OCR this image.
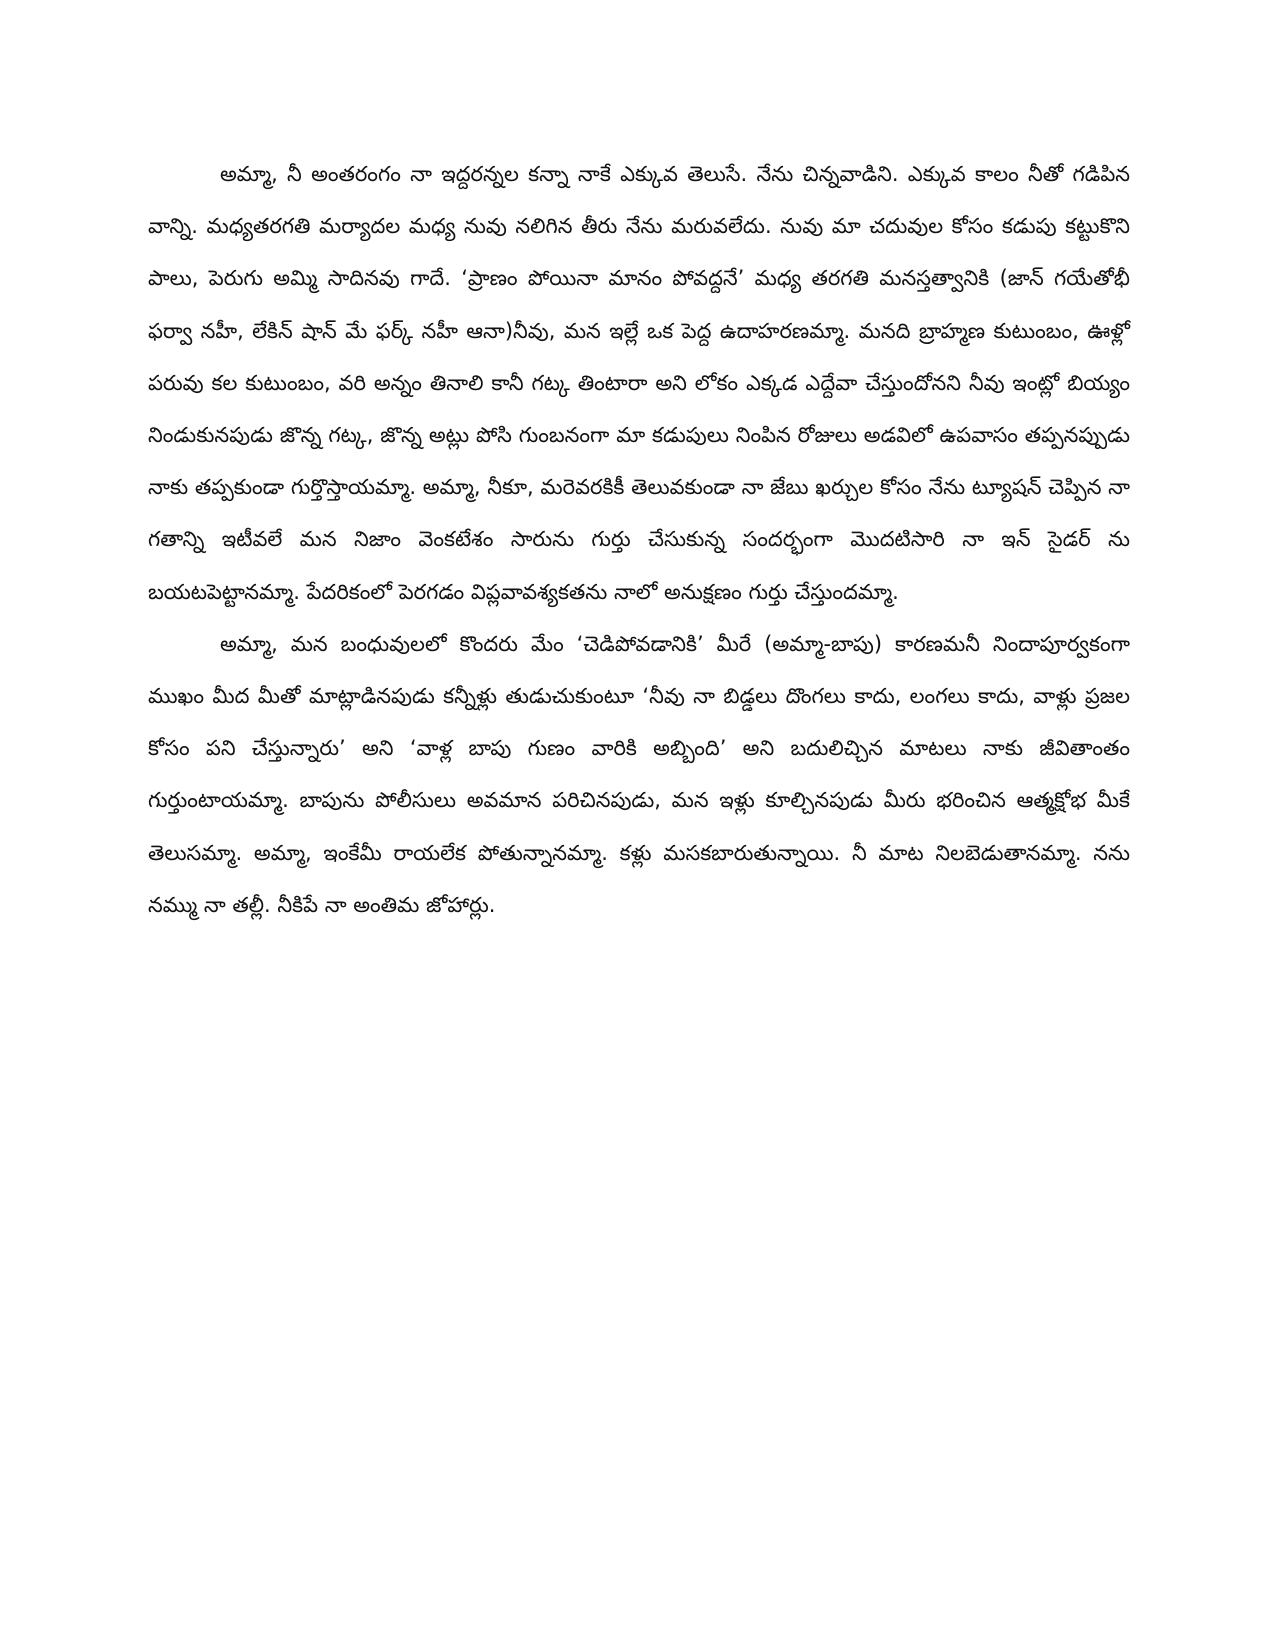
అమ్మా, నీ అంతరంగం నా ఇద్దరన్నల కన్నా నాకే ఎక్కువ తెలుసే. నేను చిన్నవాడిని. ఎక్కువ కాలం నీతో గడిపిన వాన్ని. మధ్యతరగతి మర్యాదల మధ్య నువు నలిగిన తీరు నేను మరువలేదు. నువు మా చదువుల కోసం కడుపు కట్టుకొని పాలు, పెరుగు అమ్మి సాదినవు గాదే. ‘ప్రాణం పోయినా మానం పోవద్దనే’ మధ్య తరగతి మనస్తత్వానికి (జాన్ గయేతోభీ ఫర్వా నహీ, లేకిన్ షాన్ మే ఫర్క్ నహీ ఆనా)నీవు, మన ఇల్లే ఒక పెద్ద ఉదాహరణమ్మా. మనది బ్రాహ్మణ కుటుంబం, ఊళ్లో పరువు కల కుటుంబం, వరి అన్నం తినాలి కానీ గట్క తింటారా అని లోకం ఎక్కడ ఎద్దేవా చేస్తుందోనని నీవు ఇంట్లో బియ్యం నిండుకునపుడు జొన్న గట్క, జొన్న అట్లు పోసి గుంబనంగా మా కడుపులు నింపిన రోజులు అడవిలో ఉపవాసం తప్పనప్పుడు నాకు తప్పకుండా గుర్తొస్తాయమ్మా. అమ్మా, నీకూ, మరెవరకికీ తెలువకుండా నా జేబు ఖర్చుల కోసం నేను ట్యూషన్ చెప్పిన నా గతాన్ని ఇటీవలే మన నిజాం వెంకటేశం సారును గుర్తు చేసుకున్న సందర్భంగా మొదటిసారి నా ఇన్ సైడర్ ను బయటపెట్టానమ్మా. పేదరికంలో పెరగడం విప్లవావశ్యకతను నాలో అనుక్షణం గుర్తు చేస్తుందమ్మా.

అమ్మా, మన బంధువులలో కొందరు మేం ‘చెడిపోవడానికి’ మీరే (అమ్మా-బాపు) కారణమనీ నిందాపూర్వకంగా ముఖం మీద మీతో మాట్లాడినపుడు కన్నీళ్లు తుడుచుకుంటూ ‘నీవు నా బిడ్డలు దొంగలు కాదు, లంగలు కాదు, వాళ్లు ప్రజల కోసం పని చేస్తున్నారు’ అని ‘వాళ్ల బాపు గుణం వారికి అబ్బింది’ అని బదులిచ్చిన మాటలు నాకు జీవితాంతం గుర్తుంటాయమ్మా. బాపును పోలీసులు అవమాన పరిచినపుడు, మన ఇళ్లు కూల్చినపుడు మీరు భరించిన ఆత్మక్షోభ మీకే తెలుసమ్మా. అమ్మా, ఇంకేమీ రాయలేక పోతున్నానమ్మా. కళ్లు మసకబారుతున్నాయి. నీ మాట నిలబెడుతానమ్మా. నను నమ్ము నా తల్లీ. నీకిపే నా అంతిమ జోహార్లు.
